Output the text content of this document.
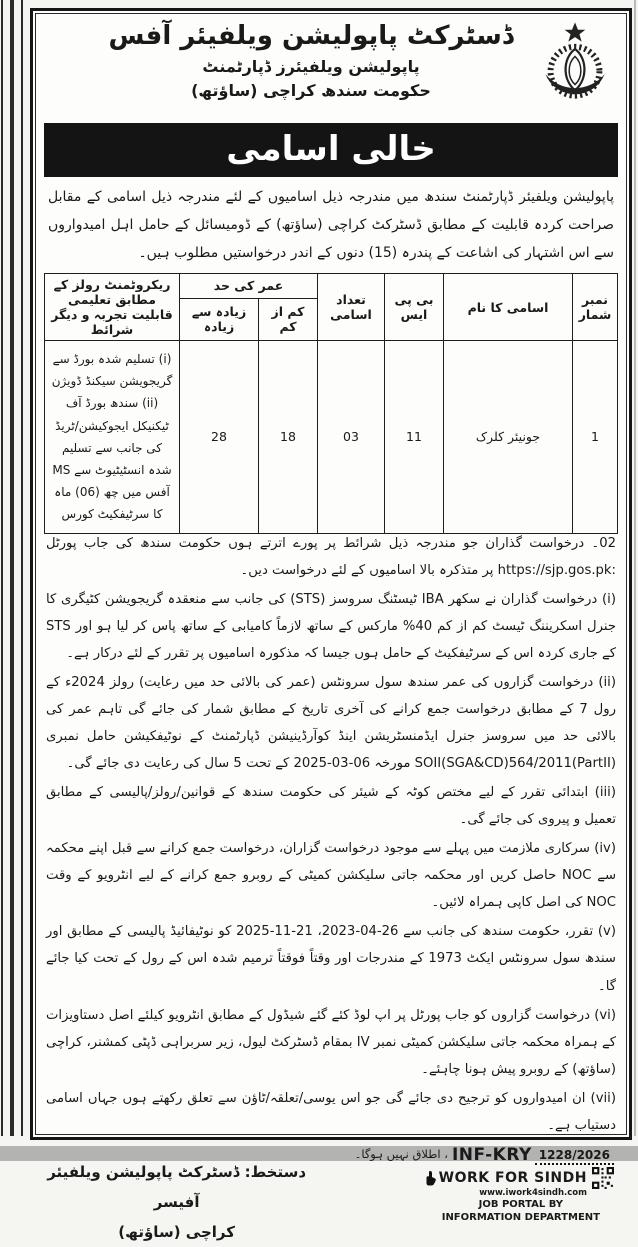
ڈسٹرکٹ پاپولیشن ویلفیئر آفس
پاپولیشن ویلفیئرز ڈپارٹمنٹ
حکومت سندھ کراچی (ساؤتھ)
خالی اسامی
پاپولیشن ویلفیئر ڈپارٹمنٹ سندھ میں مندرجہ ذیل اسامیوں کے لئے مندرجہ ذیل اسامی کے مقابل صراحت کردہ قابلیت کے مطابق ڈسٹرکٹ کراچی (ساؤتھ) کے ڈومیسائل کے حامل اہل امیدواروں سے اس اشتہار کی اشاعت کے پندرہ (15) دنوں کے اندر درخواستیں مطلوب ہیں۔
نمبر شمار	اسامی کا نام	بی پی ایس	تعداد اسامی	عمر کی حد		ریکروٹمنٹ رولز کے مطابق تعلیمی قابلیت تجربہ و دیگر شرائط
				کم از کم	زیادہ سے زیادہ	
1	جونیئر کلرک	11	03	18	28	(i) تسلیم شدہ بورڈ سے گریجویشن سیکنڈ ڈویژن (ii) سندھ بورڈ آف ٹیکنیکل ایجوکیشن/ٹریڈ کی جانب سے تسلیم شدہ انسٹیٹیوٹ سے MS آفس میں چھ (06) ماہ کا سرٹیفکیٹ کورس

02۔ درخواست گذاران جو مندرجہ ذیل شرائط پر پورے اترتے ہوں حکومت سندھ کی جاب پورٹل :https://sjp.gos.pk پر متذکرہ بالا اسامیوں کے لئے درخواست دیں۔

(i) درخواست گذاران نے سکھر IBA ٹیسٹنگ سروسز (STS) کی جانب سے منعقدہ گریجویشن کٹیگری کا جنرل اسکریننگ ٹیسٹ کم از کم 40% مارکس کے ساتھ لازماً کامیابی کے ساتھ پاس کر لیا ہو اور STS کے جاری کردہ اس کے سرٹیفکیٹ کے حامل ہوں جیسا کہ مذکورہ اسامیوں پر تقرر کے لئے درکار ہے۔

(ii) درخواست گزاروں کی عمر سندھ سول سرونٹس (عمر کی بالائی حد میں رعایت) رولز 2024ء کے رول 7 کے مطابق درخواست جمع کرانے کی آخری تاریخ کے مطابق شمار کی جائے گی تاہم عمر کی بالائی حد میں سروسز جنرل ایڈمنسٹریشن اینڈ کوآرڈینیشن ڈپارٹمنٹ کے نوٹیفکیشن حامل نمبری SOII(SGA&CD)564/2011(PartII) مورخہ 06-03-2025 کے تحت 5 سال کی رعایت دی جائے گی۔

(iii) ابتدائی تقرر کے لیے مختص کوٹہ کے شیئر کی حکومت سندھ کے قوانین/رولز/پالیسی کے مطابق تعمیل و پیروی کی جائے گی۔

(iv) سرکاری ملازمت میں پہلے سے موجود درخواست گزاران، درخواست جمع کرانے سے قبل اپنے محکمہ سے NOC حاصل کریں اور محکمہ جاتی سلیکشن کمیٹی کے روبرو جمع کرانے کے لیے انٹرویو کے وقت NOC کی اصل کاپی ہمراہ لائیں۔

(v) تقرر، حکومت سندھ کی جانب سے 26-04-2023، 21-11-2025 کو نوٹیفائیڈ پالیسی کے مطابق اور سندھ سول سرونٹس ایکٹ 1973 کے مندرجات اور وقتاً فوقتاً ترمیم شدہ اس کے رول کے تحت کیا جائے گا۔

(vi) درخواست گزاروں کو جاب پورٹل پر اپ لوڈ کئے گئے شیڈول کے مطابق انٹرویو کیلئے اصل دستاویزات کے ہمراہ محکمہ جاتی سلیکشن کمیٹی نمبر IV بمقام ڈسٹرکٹ لیول، زیر سربراہی ڈپٹی کمشنر، کراچی (ساؤتھ) کے روبرو پیش ہونا چاہئے۔

(vii) ان امیدواروں کو ترجیح دی جائے گی جو اس یوسی/تعلقہ/ٹاؤن سے تعلق رکھتے ہوں جہاں اسامی دستیاب ہے۔

دستخط: ڈسٹرکٹ پاپولیشن ویلفیئر آفیسر
کراچی (ساؤتھ)
، اطلاق نہیں ہوگا۔ INF-KRY 1228/2026
WORK FOR SINDH
www.iwork4sindh.com
JOB PORTAL BY
INFORMATION DEPARTMENT
